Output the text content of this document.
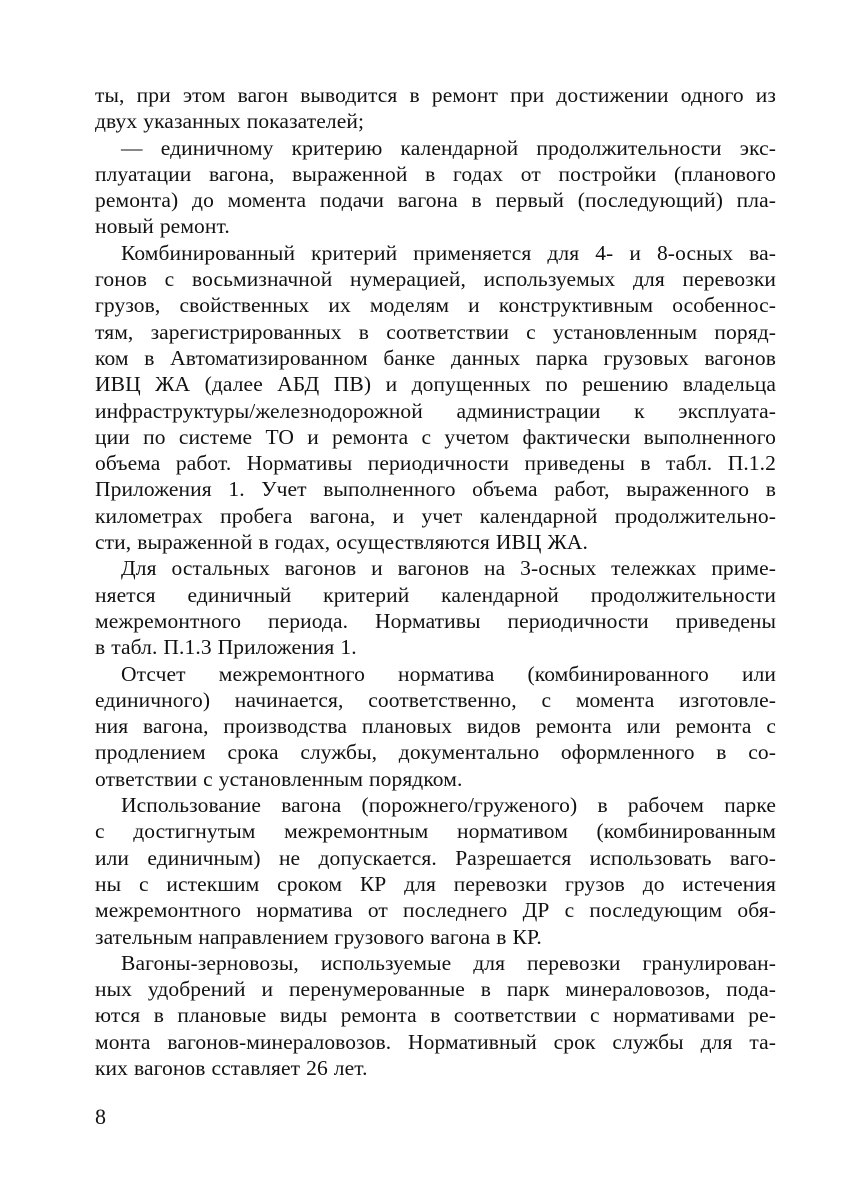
ты, при этом вагон выводится в ремонт при достижении одного из
двух указанных показателей;
— единичному критерию календарной продолжительности экс-
плуатации вагона, выраженной в годах от постройки (планового
ремонта) до момента подачи вагона в первый (последующий) пла-
новый ремонт.
Комбинированный критерий применяется для 4- и 8-осных ва-
гонов с восьмизначной нумерацией, используемых для перевозки
грузов, свойственных их моделям и конструктивным особеннос-
тям, зарегистрированных в соответствии с установленным поряд-
ком в Автоматизированном банке данных парка грузовых вагонов
ИВЦ ЖА (далее АБД ПВ) и допущенных по решению владельца
инфраструктуры/железнодорожной администрации к эксплуата-
ции по системе ТО и ремонта с учетом фактически выполненного
объема работ. Нормативы периодичности приведены в табл. П.1.2
Приложения 1. Учет выполненного объема работ, выраженного в
километрах пробега вагона, и учет календарной продолжительно-
сти, выраженной в годах, осуществляются ИВЦ ЖА.
Для остальных вагонов и вагонов на 3-осных тележках приме-
няется единичный критерий календарной продолжительности
межремонтного периода. Нормативы периодичности приведены
в табл. П.1.3 Приложения 1.
Отсчет межремонтного норматива (комбинированного или
единичного) начинается, соответственно, с момента изготовле-
ния вагона, производства плановых видов ремонта или ремонта с
продлением срока службы, документально оформленного в со-
ответствии с установленным порядком.
Использование вагона (порожнего/груженого) в рабочем парке
с достигнутым межремонтным нормативом (комбинированным
или единичным) не допускается. Разрешается использовать ваго-
ны с истекшим сроком КР для перевозки грузов до истечения
межремонтного норматива от последнего ДР с последующим обя-
зательным направлением грузового вагона в КР.
Вагоны-зерновозы, используемые для перевозки гранулирован-
ных удобрений и перенумерованные в парк минераловозов, пода-
ются в плановые виды ремонта в соответствии с нормативами ре-
монта вагонов-минераловозов. Нормативный срок службы для та-
ких вагонов сставляет 26 лет.
8
